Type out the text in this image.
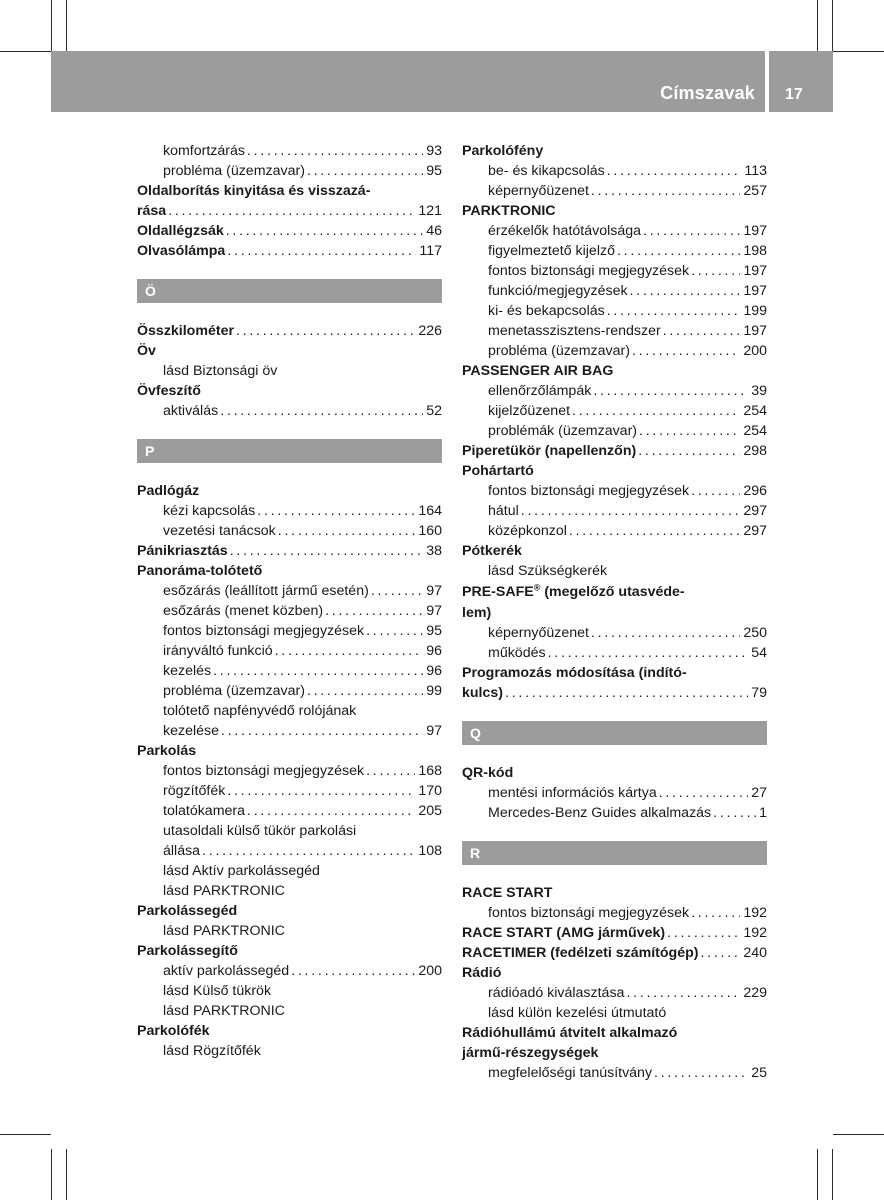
Címszavak 17
komfortzárás . . .	93
probléma (üzemzavar) . . .	95
Oldalborítás kinyitása és visszazá-
rása . . .	121
Oldallégzsák . . .	46
Olvasólámpa . . .	117
Ö
Összkilométer . . .	226
Öv
lásd Biztonsági öv
Övfeszítő
aktiválás . . .	52
P
Padlógáz
kézi kapcsolás . . .	164
vezetési tanácsok . . .	160
Pánikriasztás . . .	38
Panoráma-tolótető
esőzárás (leállított jármű esetén) . . .	97
esőzárás (menet közben) . . .	97
fontos biztonsági megjegyzések . . .	95
irányváltó funkció . . .	96
kezelés . . .	96
probléma (üzemzavar) . . .	99
tolótető napfényvédő rolójának
kezelése . . .	97
Parkolás
fontos biztonsági megjegyzések . . .	168
rögzítőfék . . .	170
tolatókamera . . .	205
utasoldali külső tükör parkolási
állása . . .	108
lásd Aktív parkolássegéd
lásd PARKTRONIC
Parkolássegéd
lásd PARKTRONIC
Parkolássegítő
aktív parkolássegéd . . .	200
lásd Külső tükrök
lásd PARKTRONIC
Parkolófék
lásd Rögzítőfék
Parkolófény
be- és kikapcsolás . . .	113
képernyőüzenet . . .	257
PARKTRONIC
érzékelők hatótávolsága . . .	197
figyelmeztető kijelző . . .	198
fontos biztonsági megjegyzések . . .	197
funkció/megjegyzések . . .	197
ki- és bekapcsolás . . .	199
menetasszisztens-rendszer . . .	197
probléma (üzemzavar) . . .	200
PASSENGER AIR BAG
ellenőrzőlámpák . . .	39
kijelzőüzenet . . .	254
problémák (üzemzavar) . . .	254
Piperetükör (napellenzőn) . . .	298
Pohártartó
fontos biztonsági megjegyzések . . .	296
hátul . . .	297
középkonzol . . .	297
Pótkerék
lásd Szükségkerék
PRE-SAFE® (megelőző utasvéde-
lem)
képernyőüzenet . . .	250
működés . . .	54
Programozás módosítása (indító-
kulcs) . . .	79
Q
QR-kód
mentési információs kártya . . .	27
Mercedes-Benz Guides alkalmazás . . .	1
R
RACE START
fontos biztonsági megjegyzések . . .	192
RACE START (AMG járművek) . . .	192
RACETIMER (fedélzeti számítógép) . . .	240
Rádió
rádióadó kiválasztása . . .	229
lásd külön kezelési útmutató
Rádióhullámú átvitelt alkalmazó
jármű-részegységek
megfelelőségi tanúsítvány . . .	25
